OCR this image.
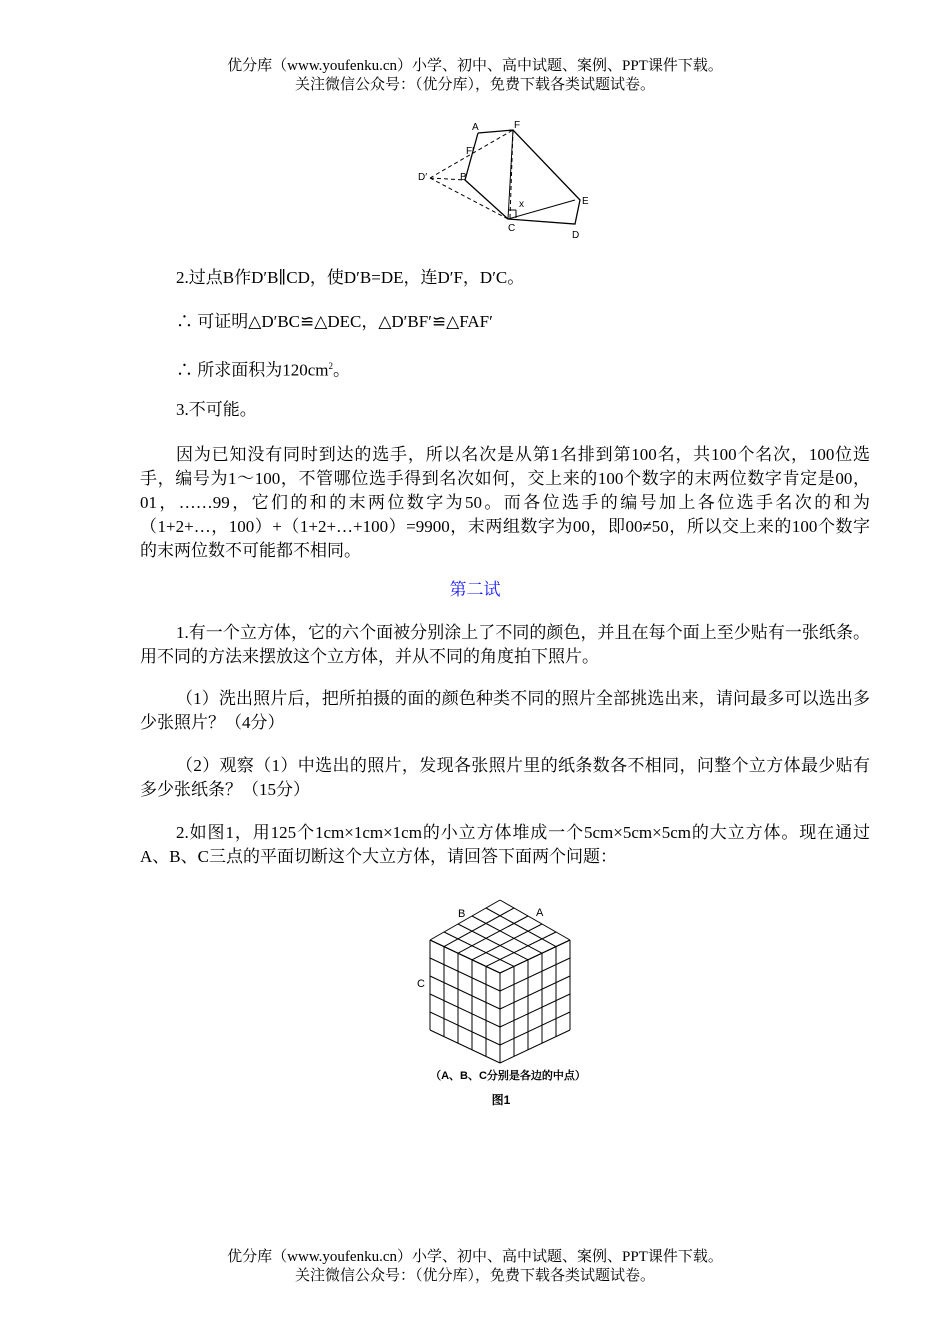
优分库（www.youfenku.cn）小学、初中、高中试题、案例、PPT课件下载。
关注微信公众号：（优分库），免费下载各类试题试卷。
A	F
F′
D′	B
E
x
C
D
2.过点B作D′B∥CD，使D′B=DE，连D′F，D′C。
∴ 可证明△D′BC≌△DEC，△D′BF′≌△FAF′
∴ 所求面积为$120cm^2$。
3.不可能。
因为已知没有同时到达的选手，所以名次是从第1名排到第100名，共100个名次，100位选手，编号为1～100，不管哪位选手得到名次如何，交上来的100个数字的末两位数字肯定是00，01，……99，它们的和的末两位数字为50。而各位选手的编号加上各位选手名次的和为（1+2+…，100）+（1+2+…+100）=9900，末两组数字为00，即00≠50，所以交上来的100个数字的末两位数不可能都不相同。
第二试
1.有一个立方体，它的六个面被分别涂上了不同的颜色，并且在每个面上至少贴有一张纸条。用不同的方法来摆放这个立方体，并从不同的角度拍下照片。
（1）洗出照片后，把所拍摄的面的颜色种类不同的照片全部挑选出来，请问最多可以选出多少张照片？（4分）
（2）观察（1）中选出的照片，发现各张照片里的纸条数各不相同，问整个立方体最少贴有多少张纸条？（15分）
2.如图1，用125个1cm×1cm×1cm的小立方体堆成一个5cm×5cm×5cm的大立方体。现在通过A、B、C三点的平面切断这个大立方体，请回答下面两个问题：
B	A
C
（A、B、C分别是各边的中点）
图1
优分库（www.youfenku.cn）小学、初中、高中试题、案例、PPT课件下载。
关注微信公众号：（优分库），免费下载各类试题试卷。
